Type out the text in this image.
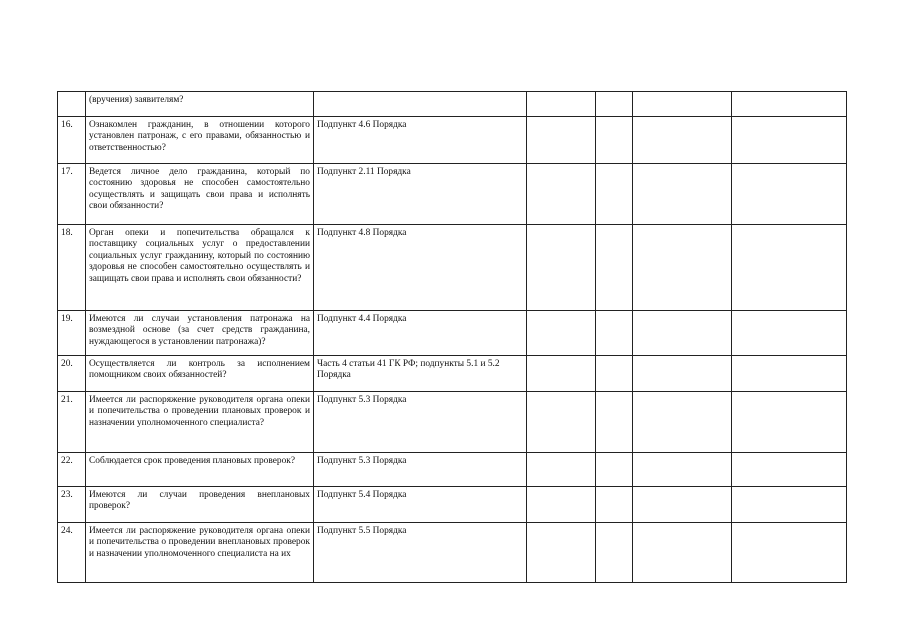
	(вручения) заявителям?					
16.	Ознакомлен гражданин, в отношении которого установлен патронаж, с его правами, обязанностью и ответственностью?	Подпункт 4.6 Порядка				
17.	Ведется личное дело гражданина, который по состоянию здоровья не способен самостоятельно осуществлять и защищать свои права и исполнять свои обязанности?	Подпункт 2.11 Порядка				
18.	Орган опеки и попечительства обращался к поставщику социальных услуг о предоставлении социальных услуг гражданину, который по состоянию здоровья не способен самостоятельно осуществлять и защищать свои права и исполнять свои обязанности?	Подпункт 4.8 Порядка				
19.	Имеются ли случаи установления патронажа на возмездной основе (за счет средств гражданина, нуждающегося в установлении патронажа)?	Подпункт 4.4 Порядка				
20.	Осуществляется ли контроль за исполнением помощником своих обязанностей?	Часть 4 статьи 41 ГК РФ; подпункты 5.1 и 5.2 Порядка				
21.	Имеется ли распоряжение руководителя органа опеки и попечительства о проведении плановых проверок и назначении уполномоченного специалиста?	Подпункт 5.3 Порядка				
22.	Соблюдается срок проведения плановых проверок?	Подпункт 5.3 Порядка				
23.	Имеются ли случаи проведения внеплановых проверок?	Подпункт 5.4 Порядка				
24.	Имеется ли распоряжение руководителя органа опеки и попечительства о проведении внеплановых проверок и назначении уполномоченного специалиста на их	Подпункт 5.5 Порядка				
